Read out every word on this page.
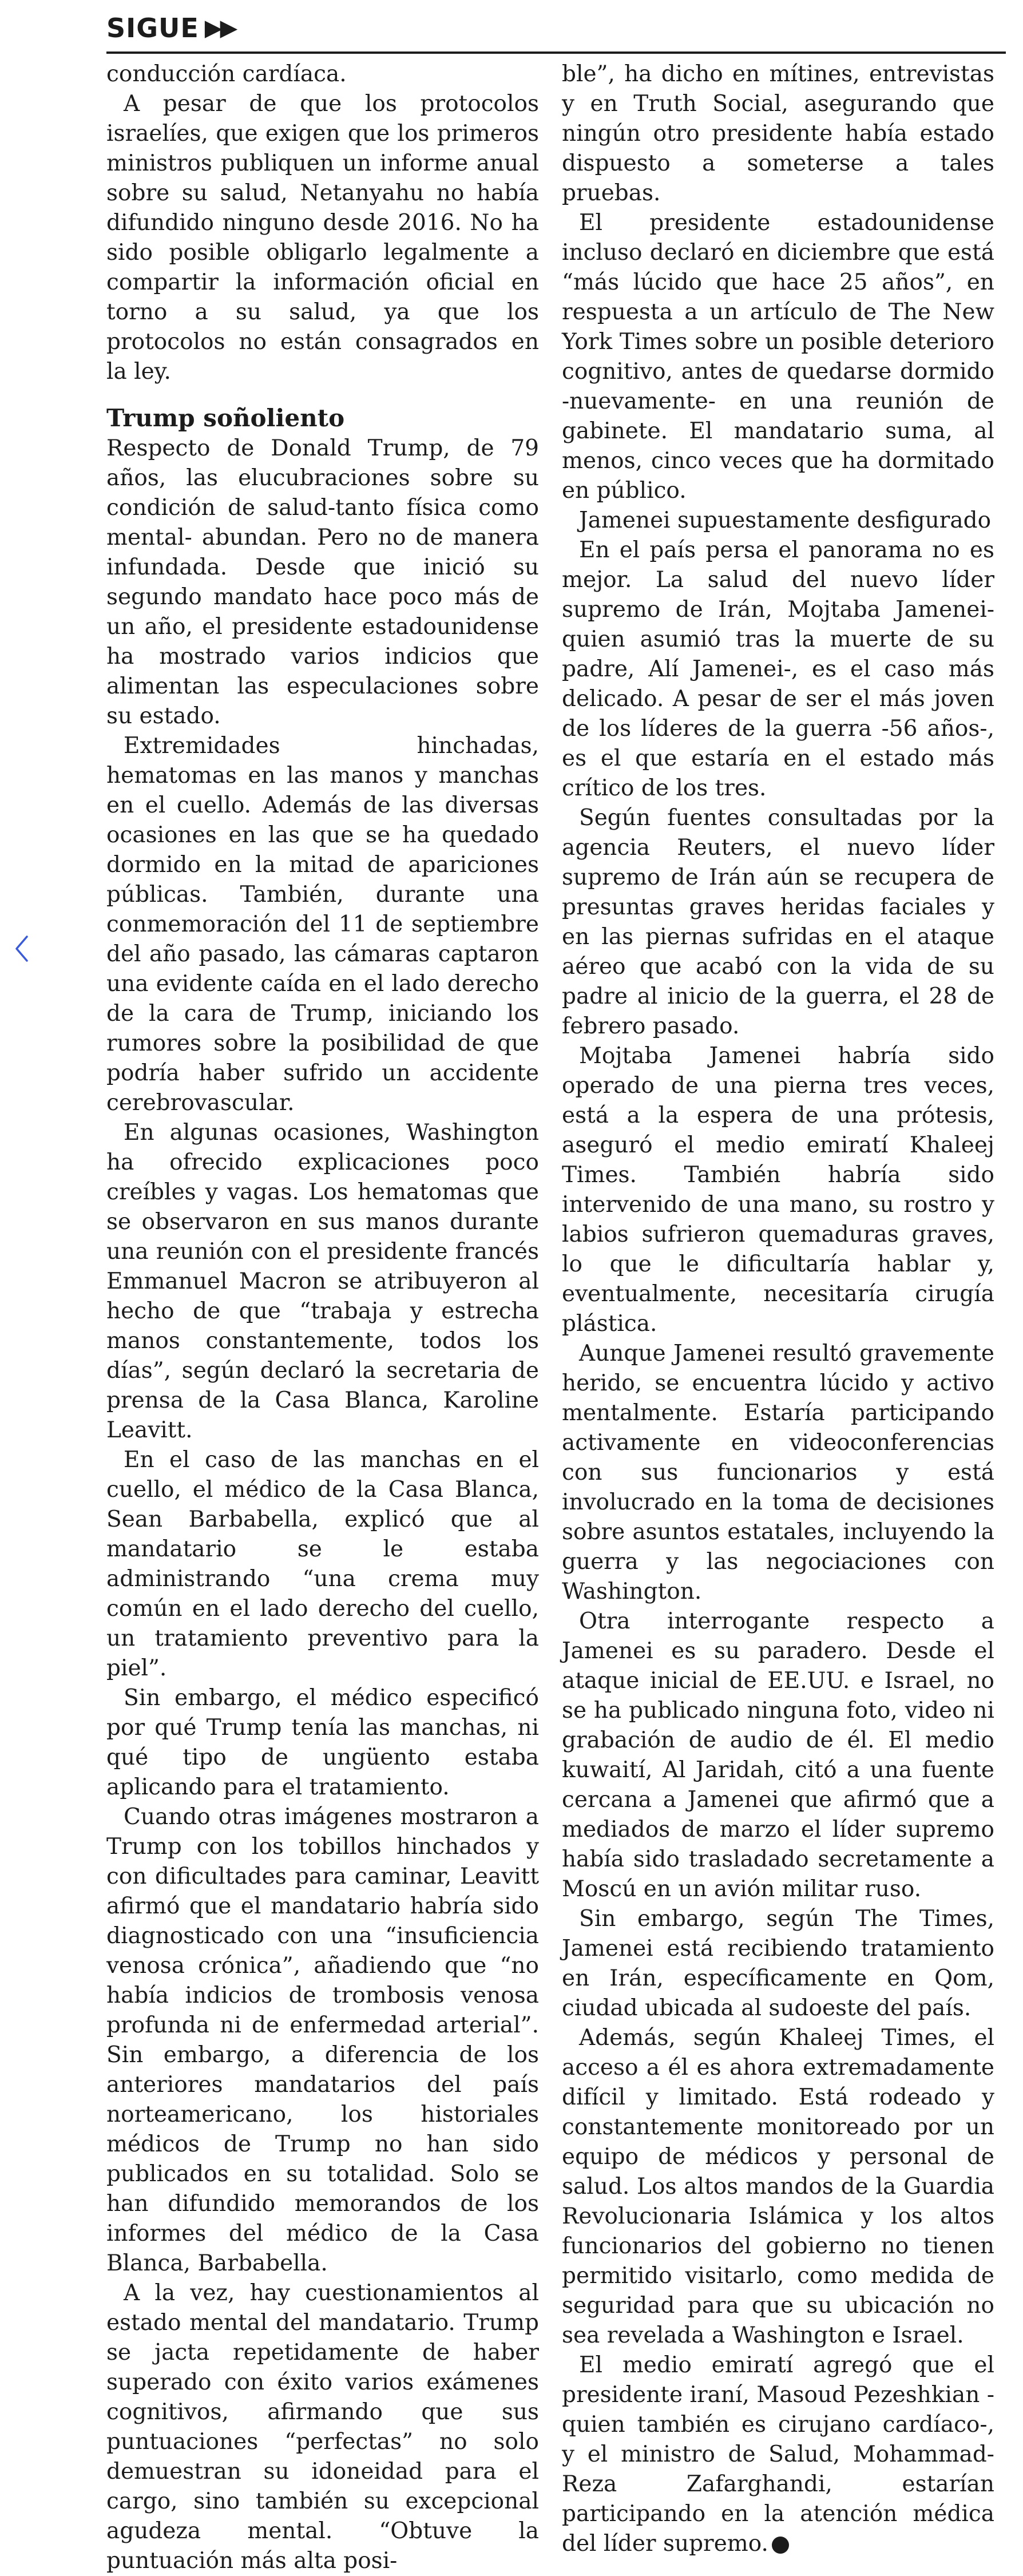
SIGUE ▶▶

conducción cardíaca.

A pesar de que los protocolos israelíes, que exigen que los primeros ministros publiquen un informe anual sobre su salud, Netanyahu no había difundido ninguno desde 2016. No ha sido posible obligarlo legalmente a compartir la información oficial en torno a su salud, ya que los protocolos no están consagrados en la ley.

Trump soñoliento

Respecto de Donald Trump, de 79 años, las elucubraciones sobre su condición de salud-tanto física como mental- abundan. Pero no de manera infundada. Desde que inició su segundo mandato hace poco más de un año, el presidente estadounidense ha mostrado varios indicios que alimentan las especulaciones sobre su estado.

Extremidades hinchadas, hematomas en las manos y manchas en el cuello. Además de las diversas ocasiones en las que se ha quedado dormido en la mitad de apariciones públicas. También, durante una conmemoración del 11 de septiembre del año pasado, las cámaras captaron una evidente caída en el lado derecho de la cara de Trump, iniciando los rumores sobre la posibilidad de que podría haber sufrido un accidente cerebrovascular.

En algunas ocasiones, Washington ha ofrecido explicaciones poco creíbles y vagas. Los hematomas que se observaron en sus manos durante una reunión con el presidente francés Emmanuel Macron se atribuyeron al hecho de que “trabaja y estrecha manos constantemente, todos los días”, según declaró la secretaria de prensa de la Casa Blanca, Karoline Leavitt.

En el caso de las manchas en el cuello, el médico de la Casa Blanca, Sean Barbabella, explicó que al mandatario se le estaba administrando “una crema muy común en el lado derecho del cuello, un tratamiento preventivo para la piel”.

Sin embargo, el médico especificó por qué Trump tenía las manchas, ni qué tipo de ungüento estaba aplicando para el tratamiento.

Cuando otras imágenes mostraron a Trump con los tobillos hinchados y con dificultades para caminar, Leavitt afirmó que el mandatario habría sido diagnosticado con una “insuficiencia venosa crónica”, añadiendo que “no había indicios de trombosis venosa profunda ni de enfermedad arterial”. Sin embargo, a diferencia de los anteriores mandatarios del país norteamericano, los historiales médicos de Trump no han sido publicados en su totalidad. Solo se han difundido memorandos de los informes del médico de la Casa Blanca, Barbabella.

A la vez, hay cuestionamientos al estado mental del mandatario. Trump se jacta repetidamente de haber superado con éxito varios exámenes cognitivos, afirmando que sus puntuaciones “perfectas” no solo demuestran su idoneidad para el cargo, sino también su excepcional agudeza mental. “Obtuve la puntuación más alta posi-

ble”, ha dicho en mítines, entrevistas y en Truth Social, asegurando que ningún otro presidente había estado dispuesto a someterse a tales pruebas.

El presidente estadounidense incluso declaró en diciembre que está “más lúcido que hace 25 años”, en respuesta a un artículo de The New York Times sobre un posible deterioro cognitivo, antes de quedarse dormido -nuevamente- en una reunión de gabinete. El mandatario suma, al menos, cinco veces que ha dormitado en público.

Jamenei supuestamente desfigurado

En el país persa el panorama no es mejor. La salud del nuevo líder supremo de Irán, Mojtaba Jamenei-quien asumió tras la muerte de su padre, Alí Jamenei-, es el caso más delicado. A pesar de ser el más joven de los líderes de la guerra -56 años-, es el que estaría en el estado más crítico de los tres.

Según fuentes consultadas por la agencia Reuters, el nuevo líder supremo de Irán aún se recupera de presuntas graves heridas faciales y en las piernas sufridas en el ataque aéreo que acabó con la vida de su padre al inicio de la guerra, el 28 de febrero pasado.

Mojtaba Jamenei habría sido operado de una pierna tres veces, está a la espera de una prótesis, aseguró el medio emiratí Khaleej Times. También habría sido intervenido de una mano, su rostro y labios sufrieron quemaduras graves, lo que le dificultaría hablar y, eventualmente, necesitaría cirugía plástica.

Aunque Jamenei resultó gravemente herido, se encuentra lúcido y activo mentalmente. Estaría participando activamente en videoconferencias con sus funcionarios y está involucrado en la toma de decisiones sobre asuntos estatales, incluyendo la guerra y las negociaciones con Washington.

Otra interrogante respecto a Jamenei es su paradero. Desde el ataque inicial de EE.UU. e Israel, no se ha publicado ninguna foto, video ni grabación de audio de él. El medio kuwaití, Al Jaridah, citó a una fuente cercana a Jamenei que afirmó que a mediados de marzo el líder supremo había sido trasladado secretamente a Moscú en un avión militar ruso.

Sin embargo, según The Times, Jamenei está recibiendo tratamiento en Irán, específicamente en Qom, ciudad ubicada al sudoeste del país.

Además, según Khaleej Times, el acceso a él es ahora extremadamente difícil y limitado. Está rodeado y constantemente monitoreado por un equipo de médicos y personal de salud. Los altos mandos de la Guardia Revolucionaria Islámica y los altos funcionarios del gobierno no tienen permitido visitarlo, como medida de seguridad para que su ubicación no sea revelada a Washington e Israel.

El medio emiratí agregó que el presidente iraní, Masoud Pezeshkian -quien también es cirujano cardíaco-, y el ministro de Salud, Mohammad-Reza Zafarghandi, estarían participando en la atención médica del líder supremo.
